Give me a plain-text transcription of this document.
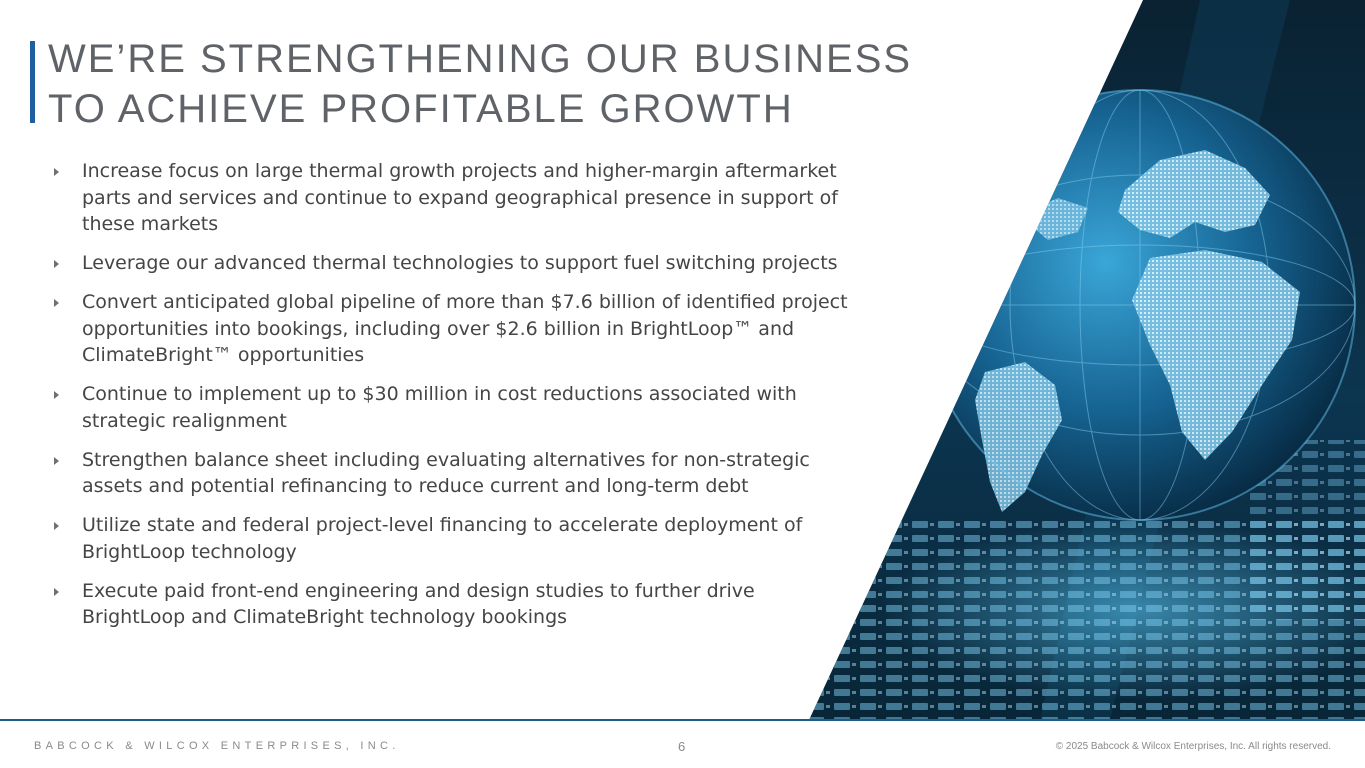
WE’RE STRENGTHENING OUR BUSINESS
TO ACHIEVE PROFITABLE GROWTH
Increase focus on large thermal growth projects and higher-margin aftermarket parts and services and continue to expand geographical presence in support of these markets
Leverage our advanced thermal technologies to support fuel switching projects
Convert anticipated global pipeline of more than $7.6 billion of identified project opportunities into bookings, including over $2.6 billion in BrightLoop™ and ClimateBright™ opportunities
Continue to implement up to $30 million in cost reductions associated with strategic realignment
Strengthen balance sheet including evaluating alternatives for non-strategic assets and potential refinancing to reduce current and long-term debt
Utilize state and federal project-level financing to accelerate deployment of BrightLoop technology
Execute paid front-end engineering and design studies to further drive BrightLoop and ClimateBright technology bookings
BABCOCK & WILCOX ENTERPRISES, INC.	6	© 2025 Babcock & Wilcox Enterprises, Inc. All rights reserved.
